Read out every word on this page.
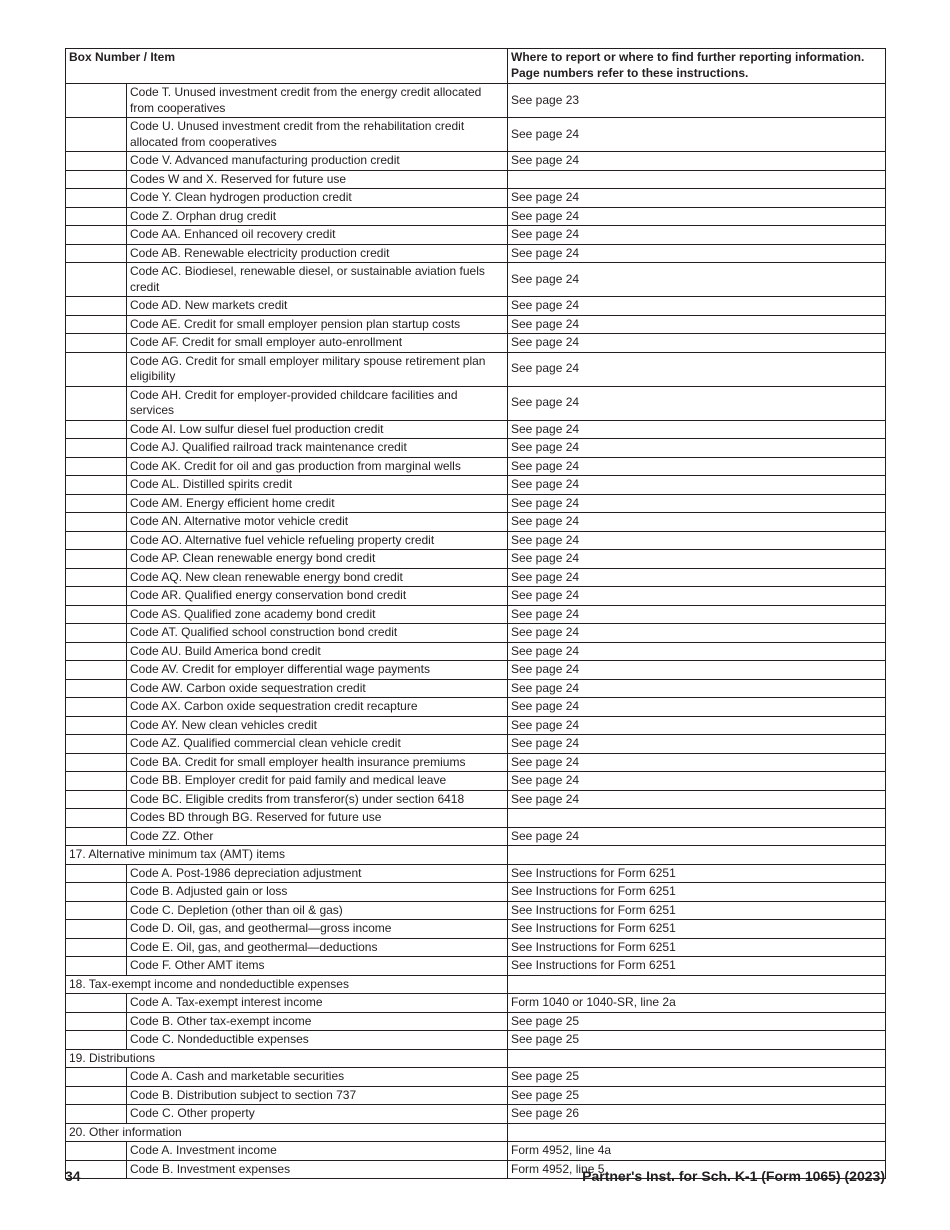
Box Number / Item		Where to report or where to find further reporting information.
Page numbers refer to these instructions.
	Code T. Unused investment credit from the energy credit allocated from cooperatives	See page 23
	Code U. Unused investment credit from the rehabilitation credit allocated from cooperatives	See page 24
	Code V. Advanced manufacturing production credit	See page 24
	Codes W and X. Reserved for future use	
	Code Y. Clean hydrogen production credit	See page 24
	Code Z. Orphan drug credit	See page 24
	Code AA. Enhanced oil recovery credit	See page 24
	Code AB. Renewable electricity production credit	See page 24
	Code AC. Biodiesel, renewable diesel, or sustainable aviation fuels credit	See page 24
	Code AD. New markets credit	See page 24
	Code AE. Credit for small employer pension plan startup costs	See page 24
	Code AF. Credit for small employer auto-enrollment	See page 24
	Code AG. Credit for small employer military spouse retirement plan eligibility	See page 24
	Code AH. Credit for employer-provided childcare facilities and services	See page 24
	Code AI. Low sulfur diesel fuel production credit	See page 24
	Code AJ. Qualified railroad track maintenance credit	See page 24
	Code AK. Credit for oil and gas production from marginal wells	See page 24
	Code AL. Distilled spirits credit	See page 24
	Code AM. Energy efficient home credit	See page 24
	Code AN. Alternative motor vehicle credit	See page 24
	Code AO. Alternative fuel vehicle refueling property credit	See page 24
	Code AP. Clean renewable energy bond credit	See page 24
	Code AQ. New clean renewable energy bond credit	See page 24
	Code AR. Qualified energy conservation bond credit	See page 24
	Code AS. Qualified zone academy bond credit	See page 24
	Code AT. Qualified school construction bond credit	See page 24
	Code AU. Build America bond credit	See page 24
	Code AV. Credit for employer differential wage payments	See page 24
	Code AW. Carbon oxide sequestration credit	See page 24
	Code AX. Carbon oxide sequestration credit recapture	See page 24
	Code AY. New clean vehicles credit	See page 24
	Code AZ. Qualified commercial clean vehicle credit	See page 24
	Code BA. Credit for small employer health insurance premiums	See page 24
	Code BB. Employer credit for paid family and medical leave	See page 24
	Code BC. Eligible credits from transferor(s) under section 6418	See page 24
	Codes BD through BG. Reserved for future use	
	Code ZZ. Other	See page 24
17. Alternative minimum tax (AMT) items		
	Code A. Post-1986 depreciation adjustment	See Instructions for Form 6251
	Code B. Adjusted gain or loss	See Instructions for Form 6251
	Code C. Depletion (other than oil & gas)	See Instructions for Form 6251
	Code D. Oil, gas, and geothermal—gross income	See Instructions for Form 6251
	Code E. Oil, gas, and geothermal—deductions	See Instructions for Form 6251
	Code F. Other AMT items	See Instructions for Form 6251
18. Tax-exempt income and nondeductible expenses		
	Code A. Tax-exempt interest income	Form 1040 or 1040-SR, line 2a
	Code B. Other tax-exempt income	See page 25
	Code C. Nondeductible expenses	See page 25
19. Distributions		
	Code A. Cash and marketable securities	See page 25
	Code B. Distribution subject to section 737	See page 25
	Code C. Other property	See page 26
20. Other information		
	Code A. Investment income	Form 4952, line 4a
	Code B. Investment expenses	Form 4952, line 5
34	Partner's Inst. for Sch. K-1 (Form 1065) (2023)
